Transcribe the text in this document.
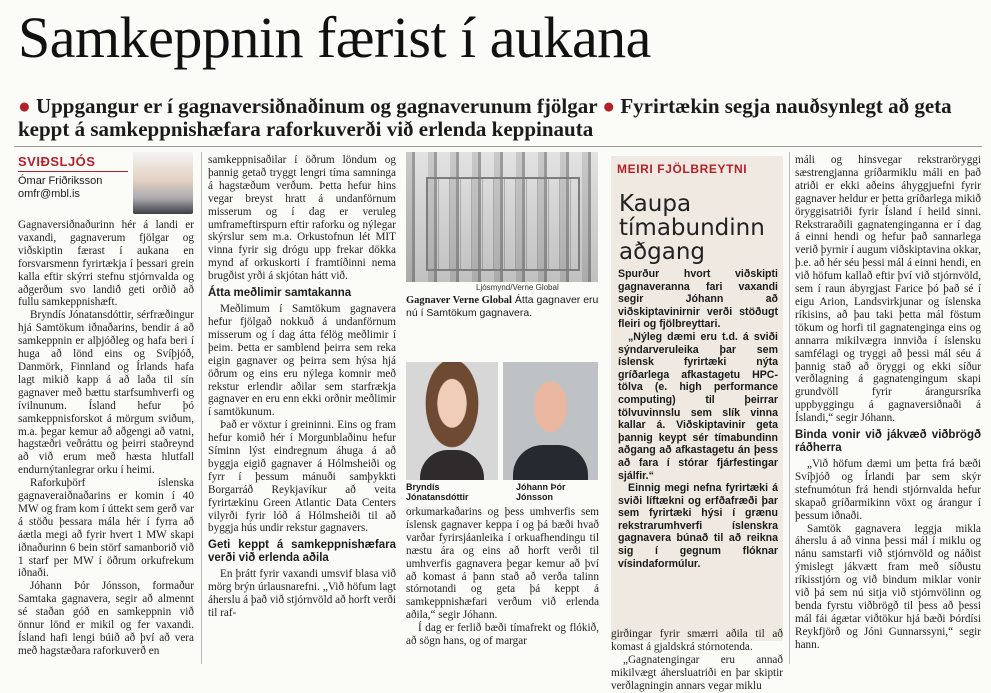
Samkeppnin færist í aukana
● Uppgangur er í gagnaversiðnaðinum og gagnaverunum fjölgar ● Fyrirtækin segja nauðsynlegt að geta keppt á samkeppnishæfara raforkuverði við erlenda keppinauta
SVIÐSLJÓS
Ómar Friðriksson
omfr@mbl.is

Gagnaversiðnaðurinn hér á landi er vaxandi, gagnaverum fjölgar og viðskiptin færast í aukana en forsvarsmenn fyrirtækja í þessari grein kalla eftir skýrri stefnu stjórnvalda og aðgerðum svo landið geti orðið að fullu samkeppnishæft.

Bryndís Jónatansdóttir, sérfræðingur hjá Samtökum iðnaðarins, bendir á að samkeppnin er alþjóðleg og hafa beri í huga að lönd eins og Svíþjóð, Danmörk, Finnland og Írlands hafa lagt mikið kapp á að laða til sín gagnaver með bættu starfsumhverfi og ívilnunum. Ísland hefur þó samkeppnisforskot á mörgum sviðum, m.a. þegar kemur að aðgengi að vatni, hagstæðri veðráttu og þeirri staðreynd að við erum með hæsta hlutfall endurnýtanlegrar orku í heimi.

Raforkuþörf íslenska gagnaveraiðnaðarins er komin í 40 MW og fram kom í úttekt sem gerð var á stöðu þessara mála hér í fyrra að áætla megi að fyrir hvert 1 MW skapi iðnaðurinn 6 bein störf samanborið við 1 starf per MW í öðrum orkufrekum iðnaði.

Jóhann Þór Jónsson, formaður Samtaka gagnavera, segir að almennt sé staðan góð en samkeppnin við önnur lönd er mikil og fer vaxandi. Ísland hafi lengi búið að því að vera með hagstæðara raforkuverð en

samkeppnisaðilar í öðrum löndum og þannig getað tryggt lengri tíma samninga á hagstæðum verðum. Þetta hefur hins vegar breyst hratt á undanförnum misserum og í dag er veruleg umframeftirspurn eftir raforku og nýlegar skýrslur sem m.a. Orkustofnun lét MIT vinna fyrir sig drógu upp frekar dökka mynd af orkuskorti í framtíðinni nema brugðist yrði á skjótan hátt við.

Átta meðlimir samtakanna

Meðlimum í Samtökum gagnavera hefur fjölgað nokkuð á undanförnum misserum og í dag átta félög meðlimir í þeim. Þetta er samblend þeirra sem reka eigin gagnaver og þeirra sem hýsa hjá öðrum og eins eru nýlega komnir með rekstur erlendir aðilar sem starfrækja gagnaver en eru enn ekki orðnir meðlimir í samtökunum.

Það er vöxtur í greininni. Eins og fram hefur komið hér í Morgunblaðinu hefur Síminn lýst eindregnum áhuga á að byggja eigið gagnaver á Hólmsheiði og fyrr í þessum mánuði samþykkti Borgarráð Reykjavíkur að veita fyrirtækinu Green Atlantic Data Centers vilyrði fyrir lóð á Hólmsheiði til að byggja hús undir rekstur gagnavers.

Geti keppt á samkeppnishæfara verði við erlenda aðila

En þrátt fyrir vaxandi umsvif blasa við mörg brýn úrlausnarefni. „Við höfum lagt áherslu á það við stjórnvöld að horft verði til raf-

Ljósmynd/Verne Global
Gagnaver Verne Global Átta gagnaver eru nú í Samtökum gagnavera.
Bryndís Jónatansdóttir
Jóhann Þór Jónsson

orkumarkaðarins og þess umhverfis sem íslensk gagnaver keppa í og þá bæði hvað varðar fyrirsjáanleika í orkuafhendingu til næstu ára og eins að horft verði til umhverfis gagnavera þegar kemur að því að komast á þann stað að verða talinn stórnotandi og geta þá keppt á samkeppnishæfari verðum við erlenda aðila,“ segir Jóhann.

Í dag er ferlið bæði tímafrekt og flókið, að sögn hans, og of margar

MEIRI FJÖLBREYTNI
Kaupa tímabundinn aðgang

Spurður hvort viðskipti gagnaveranna fari vaxandi segir Jóhann að viðskiptavinirnir verði stöðugt fleiri og fjölbreyttari.

„Nýleg dæmi eru t.d. á sviði sýndarveruleika þar sem íslensk fyrirtæki nýta gríðarlega afkastagetu HPC-tölva (e. high performance computing) til þeirrar tölvuvinnslu sem slík vinna kallar á. Viðskiptavinir geta þannig keypt sér tímabundinn aðgang að afkastagetu án þess að fara í stórar fjárfestingar sjálfir.“

Einnig megi nefna fyrirtæki á sviði líftækni og erfðafræði þar sem fyrirtæki hýsi í grænu rekstrarumhverfi íslenskra gagnavera búnað til að reikna sig í gegnum flóknar vísindaformúlur.

girðingar fyrir smærri aðila til að komast á gjaldskrá stórnotenda.

„Gagnatengingar eru annað mikilvægt áhersluatriði en þar skiptir verðlagningin annars vegar miklu

máli og hinsvegar rekstraröryggi sæstrengjanna gríðarmiklu máli en það atriði er ekki aðeins áhyggjuefni fyrir gagnaver heldur er þetta gríðarlega mikið öryggisatriði fyrir Ísland í heild sinni. Rekstraraðili gagnatenginganna er í dag á einni hendi og hefur það sannarlega verið þyrnir í augum viðskiptavina okkar, þ.e. að hér séu þessi mál á einni hendi, en við höfum kallað eftir því við stjórnvöld, sem í raun ábyrgjast Farice þó það sé í eigu Arion, Landsvirkjunar og íslenska ríkisins, að þau taki þetta mál föstum tökum og horfi til gagnatenginga eins og annarra mikilvægra innviða í íslensku samfélagi og tryggi að þessi mál séu á þannig stað að öryggi og ekki síður verðlagning á gagnatengingum skapi grundvöll fyrir árangursríka uppbyggingu á gagnaversiðnaði á Íslandi,“ segir Jóhann.

Binda vonir við jákvæð viðbrögð ráðherra

„Við höfum dæmi um þetta frá bæði Svíþjóð og Írlandi þar sem skýr stefnumótun frá hendi stjórnvalda hefur skapað gríðarmikinn vöxt og árangur í þessum iðnaði.

Samtök gagnavera leggja mikla áherslu á að vinna þessi mál í miklu og nánu samstarfi við stjórnvöld og náðist ýmislegt jákvætt fram með síðustu ríkisstjórn og við bindum miklar vonir við þá sem nú sitja við stjórnvölinn og benda fyrstu viðbrögð til þess að þessi mál fái ágætar viðtökur hjá bæði Þórdísi Reykfjörð og Jóni Gunnarssyni,“ segir hann.
